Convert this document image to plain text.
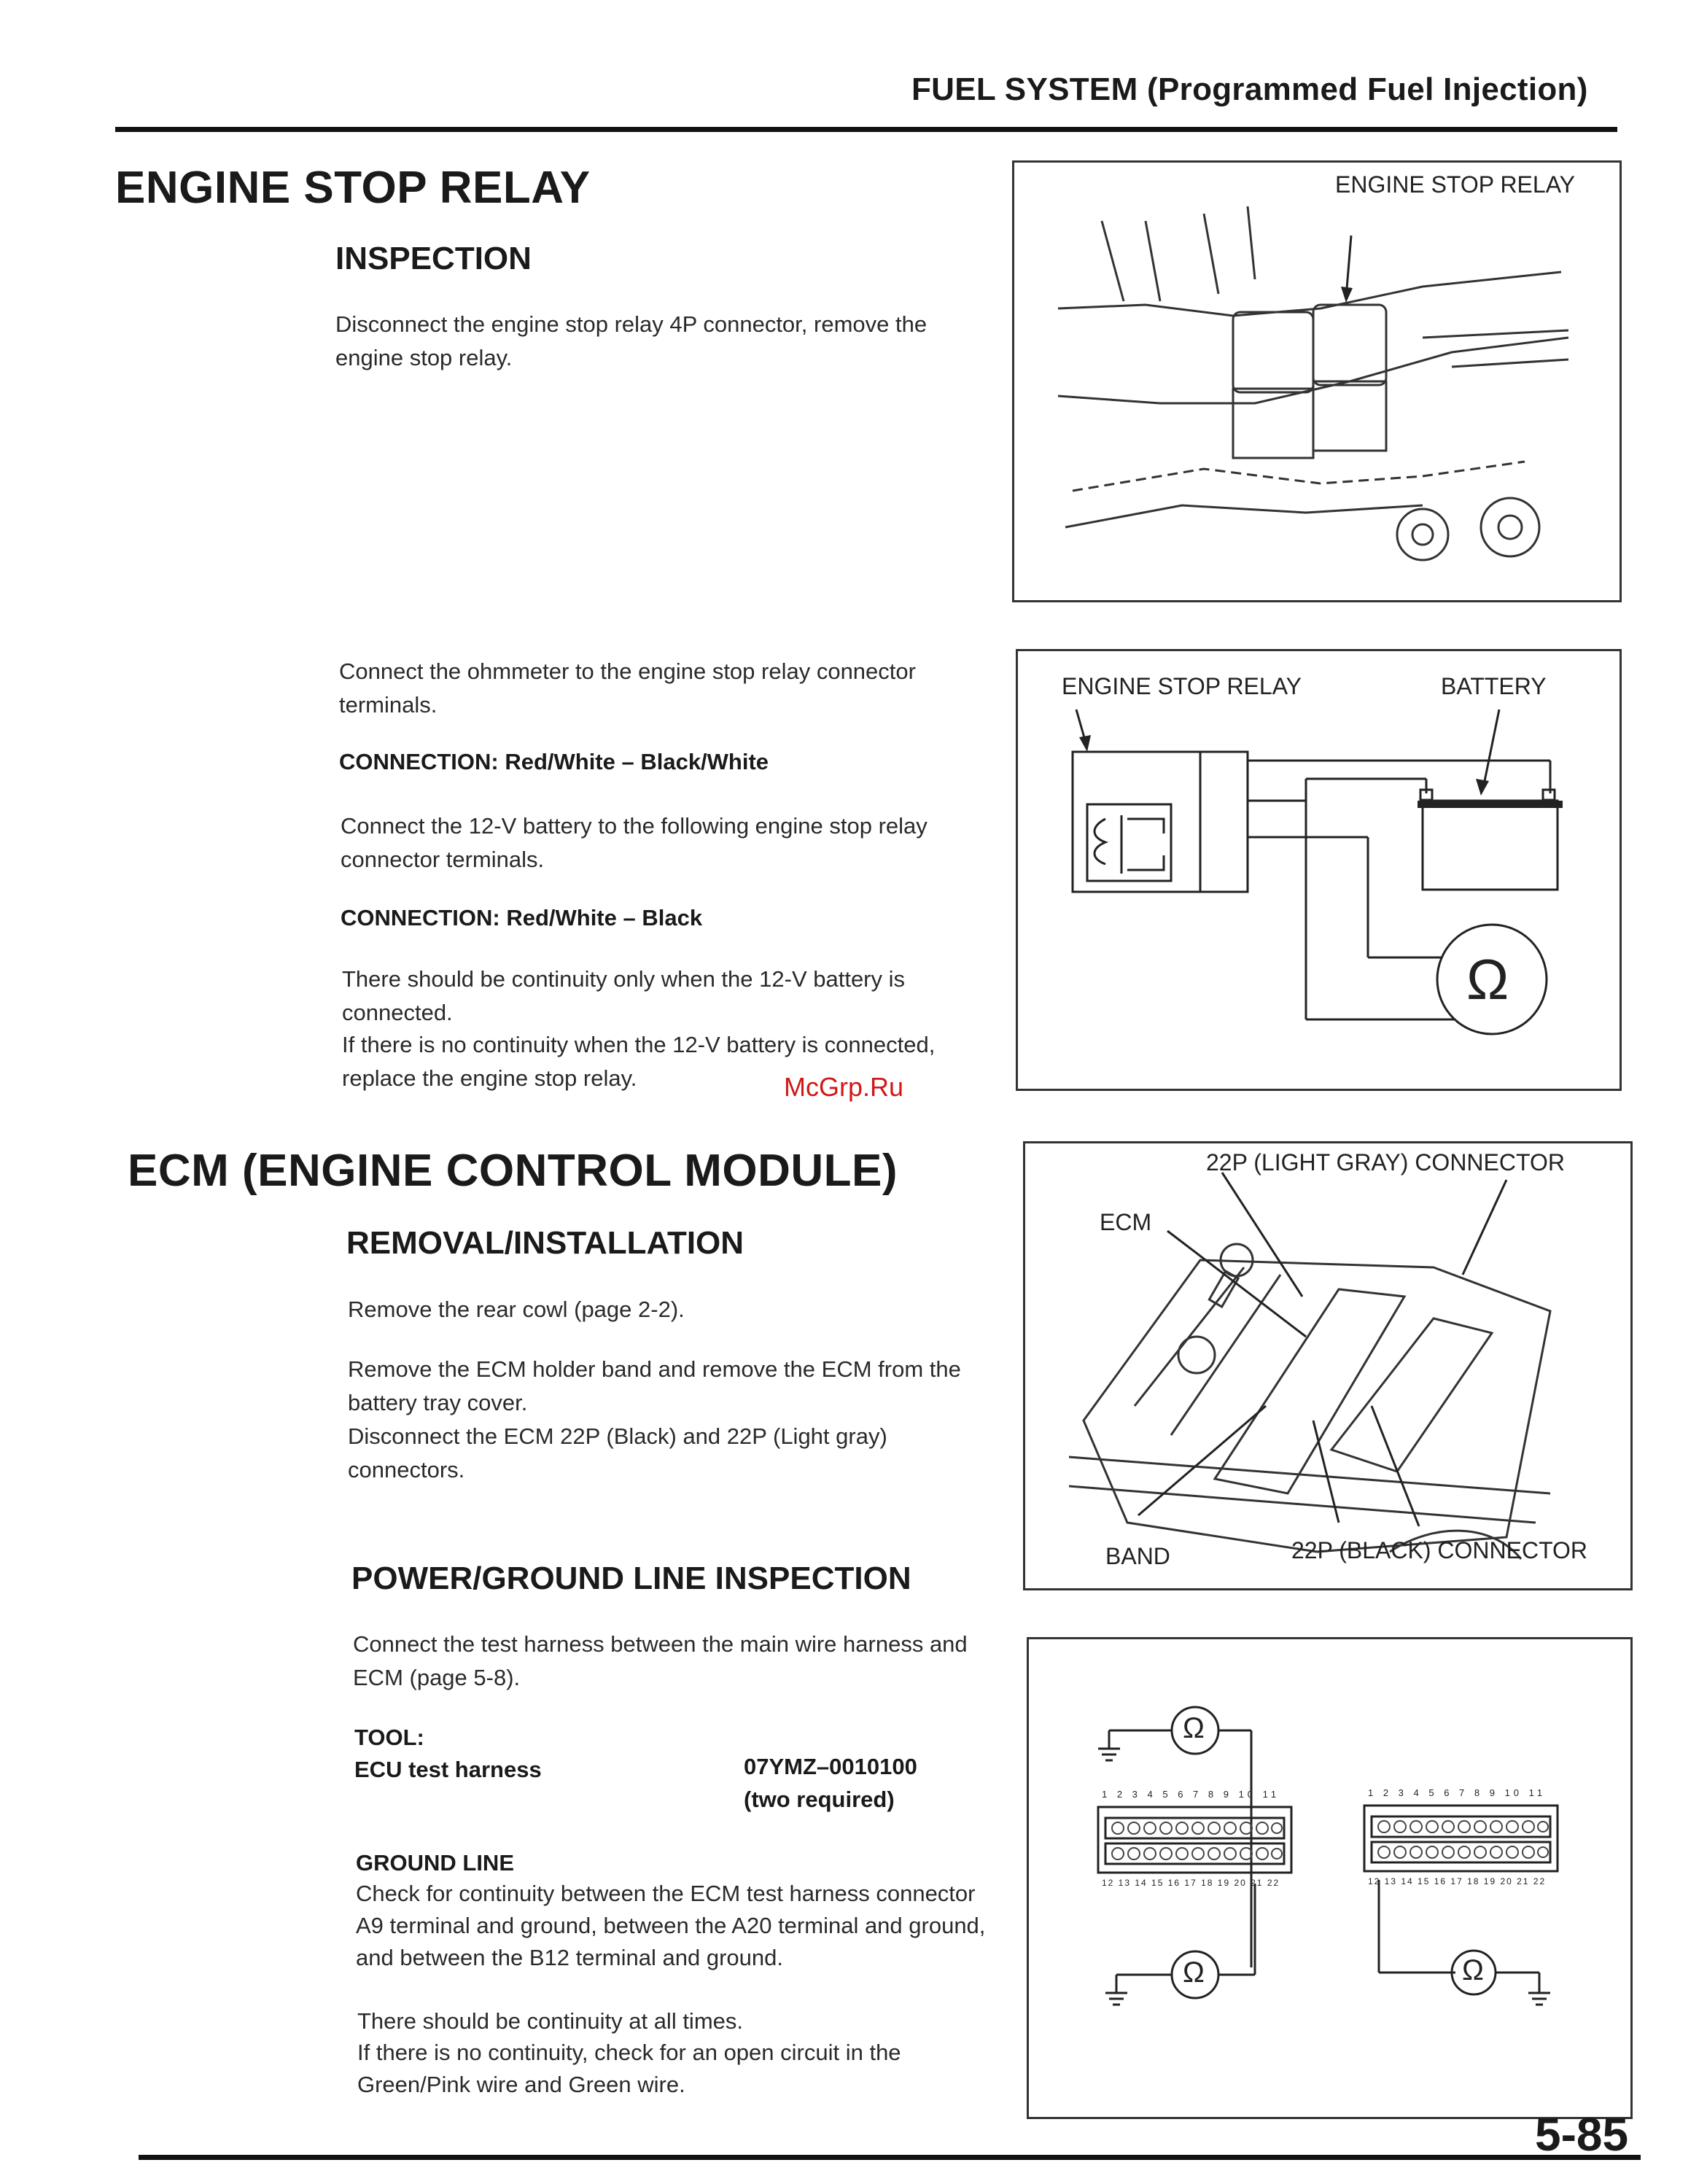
FUEL SYSTEM (Programmed Fuel Injection)
ENGINE STOP RELAY
INSPECTION

Disconnect the engine stop relay 4P connector, remove the engine stop relay.

Connect the ohmmeter to the engine stop relay connector terminals.

CONNECTION: Red/White – Black/White

Connect the 12-V battery to the following engine stop relay connector terminals.

CONNECTION: Red/White – Black

There should be continuity only when the 12-V battery is connected.

If there is no continuity when the 12-V battery is connected, replace the engine stop relay.

ENGINE STOP RELAY
ENGINE STOP RELAY	BATTERY
Ω
ECM (ENGINE CONTROL MODULE)
REMOVAL/INSTALLATION

Remove the rear cowl (page 2-2).

Remove the ECM holder band and remove the ECM from the battery tray cover.

Disconnect the ECM 22P (Black) and 22P (Light gray) connectors.

POWER/GROUND LINE INSPECTION

Connect the test harness between the main wire harness and ECM (page 5-8).

TOOL:

ECU test harness	07YMZ–0010100

(two required)

GROUND LINE

Check for continuity between the ECM test harness connector A9 terminal and ground, between the A20 terminal and ground, and between the B12 terminal and ground.

There should be continuity at all times.

If there is no continuity, check for an open circuit in the Green/Pink wire and Green wire.

22P (LIGHT GRAY) CONNECTOR
ECM
BAND	22P (BLACK) CONNECTOR
1 2 3 4 5 6 7 8 9 10 11
12 13 14 15 16 17 18 19 20 21 22
1 2 3 4 5 6 7 8 9 10 11
12 13 14 15 16 17 18 19 20 21 22
Ω
Ω	Ω
McGrp.Ru
5-85
